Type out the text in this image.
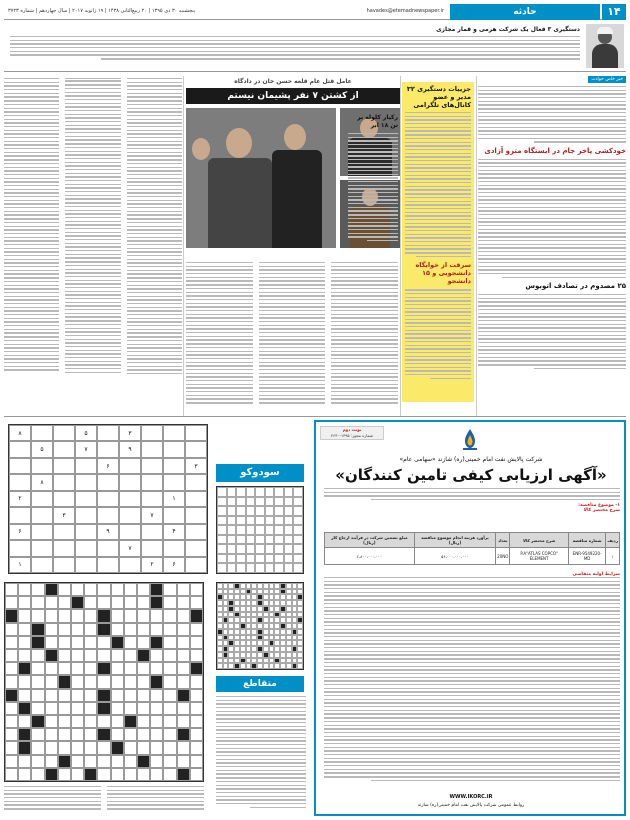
۱۴
حادثه
havades@etemadnewspaper.ir
پنجشنبه ۳۰ دی ۱۳۹۵ | ۲۰ ربیع‌الثانی ۱۴۳۸ | ۱۹ ژانویه ۲۰۱۷ | سال چهاردهم | شماره ۳۷۲۳
دستگیری ۳ فعال یک شرکت هرمی و قمار مجازی
خبر خاص حوادث
خودکشی پاخر جام در ایستگاه مترو آزادی
۲۵ مصدوم در تصادف اتوبوس
جزییات دستگیری ۳۲ مدیر و عضو کانال‌های تلگرامی
سرقت از خوابگاه دانشجویی و ۱۵ دانشجو
عامل قتل عام قلعه حسن خان در دادگاه
از کشتن ۷ نفر پشیمان نیستم
رکیار کلوله بر تن ۱۸ ابر
نوبت دوم
شماره مجوز: ۱۳۹۵-۴۶۳۰
شرکت پالایش نفت امام خمینی(ره) شازند «سهامی عام»
«آگهی ارزیابی کیفی تامین کنندگان»
۱- موضوع مناقصه:
شرح مختصر کالا
ردیف	شماره مناقصه	شرح مختصر کالا	تعداد	برآورد هزینه انجام موضوع مناقصه (ریال)	مبلغ تضمین شرکت در فرآیند ارجاع کار (ریال)
۱	ENR-9549220-MD	P.A"ATLAS COPCO" ELEMENT	20NO	۵۶،۰۰۰،۰۰۰،۰۰۰	۲،۸۰۰،۰۰۰،۰۰۰
شرایط اولیه متقاضی
WWW.IKORC.IR
روابط عمومی شرکت پالایش نفت امام خمینی(ره) شازند
۳
۵
۸
۹
۷
۵
۳
۶
۸
۱
۲
۷
۳
۴
۹
۶
۷
۶
۲
۱
سودوکو
متقاطع
